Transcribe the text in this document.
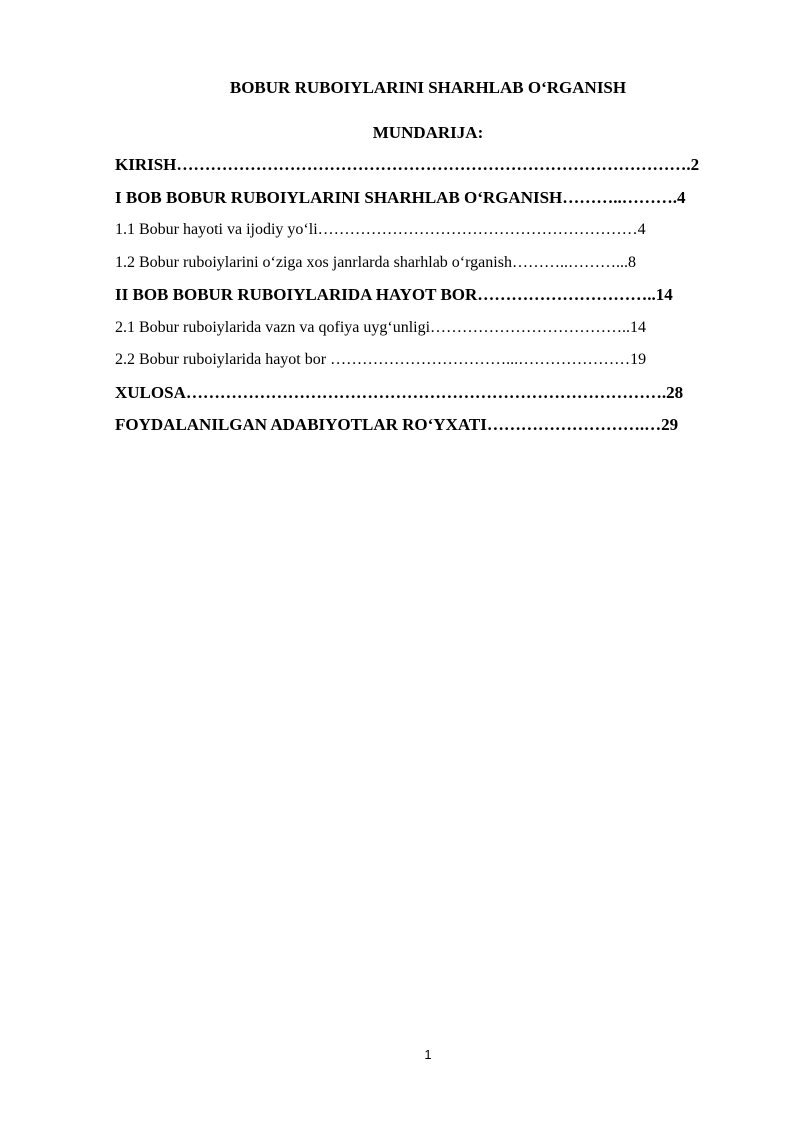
BOBUR RUBOIYLARINI SHARHLAB O‘RGANISH
MUNDARIJA:
KIRISH……………………………………………………………………………….2
I BOB BOBUR RUBOIYLARINI SHARHLAB O‘RGANISH………..……….4
1.1 Bobur hayoti va ijodiy yo‘li……………………………………………………4
1.2 Bobur ruboiylarini o‘ziga xos janrlarda sharhlab o‘rganish………..………...8
II BOB BOBUR RUBOIYLARIDA HAYOT BOR…………………………..14
2.1 Bobur ruboiylarida vazn va qofiya uyg‘unligi………………………………..14
2.2 Bobur ruboiylarida hayot bor ……………………………...…………………19
XULOSA………………………………………………………………………….28
FOYDALANILGAN ADABIYOTLAR RO‘YXATI……………………….…29
1
